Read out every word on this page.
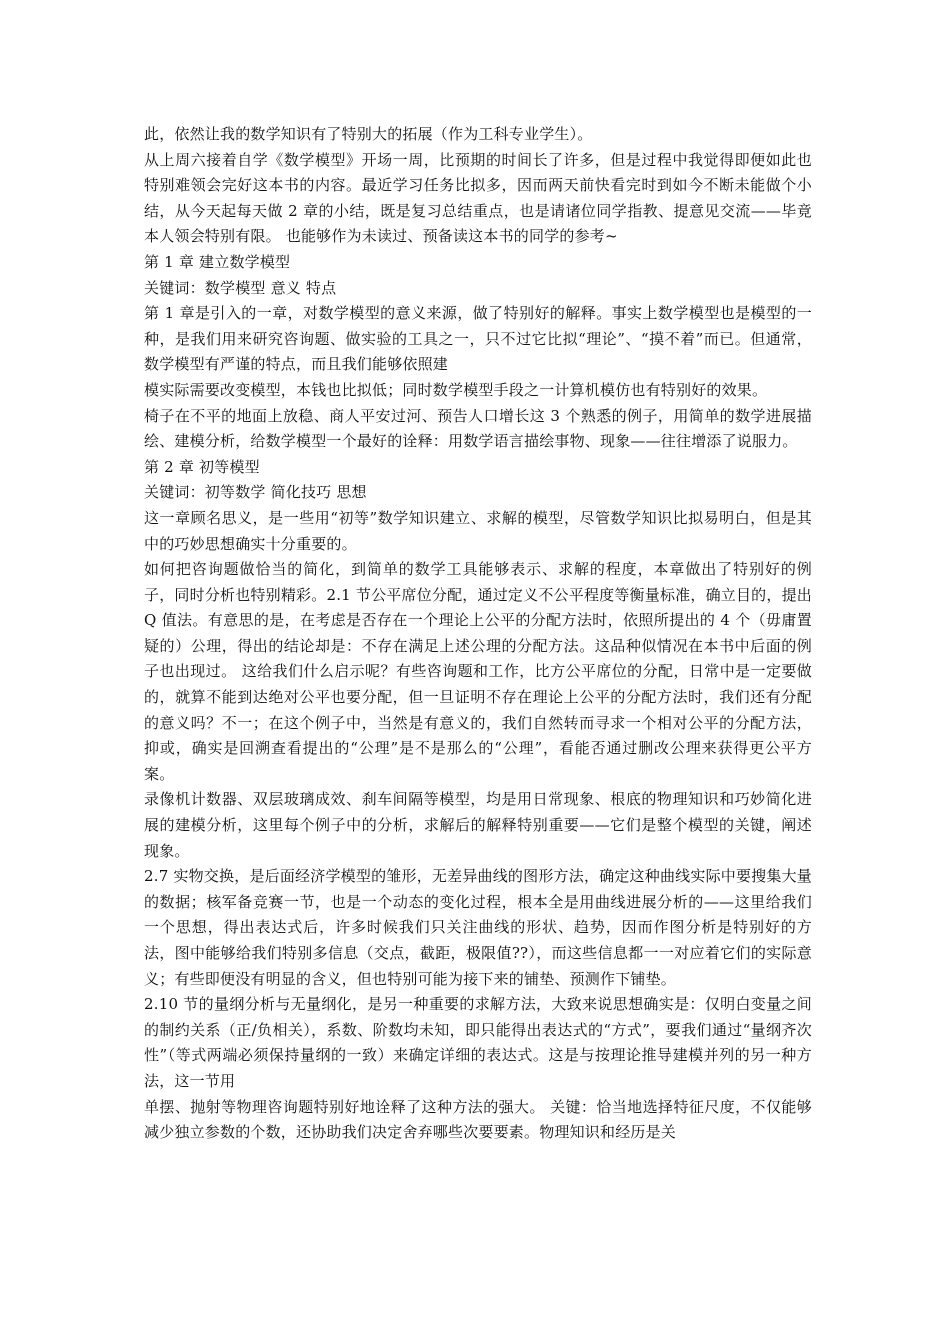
此，依然让我的数学知识有了特别大的拓展（作为工科专业学生）。

从上周六接着自学《数学模型》开场一周，比预期的时间长了许多，但是过程中我觉得即便如此也特别难领会完好这本书的内容。最近学习任务比拟多，因而两天前快看完时到如今不断未能做个小结，从今天起每天做 2 章的小结，既是复习总结重点，也是请诸位同学指教、提意见交流——毕竟本人领会特别有限。 也能够作为未读过、预备读这本书的同学的参考~

第 1 章 建立数学模型

关键词：数学模型 意义 特点

第 1 章是引入的一章，对数学模型的意义来源，做了特别好的解释。事实上数学模型也是模型的一种，是我们用来研究咨询题、做实验的工具之一，只不过它比拟“理论”、“摸不着”而已。但通常，数学模型有严谨的特点，而且我们能够依照建

模实际需要改变模型，本钱也比拟低；同时数学模型手段之一计算机模仿也有特别好的效果。

椅子在不平的地面上放稳、商人平安过河、预告人口增长这 3 个熟悉的例子，用简单的数学进展描绘、建模分析，给数学模型一个最好的诠释：用数学语言描绘事物、现象——往往增添了说服力。

第 2 章 初等模型

关键词：初等数学 简化技巧 思想

这一章顾名思义，是一些用“初等”数学知识建立、求解的模型，尽管数学知识比拟易明白，但是其中的巧妙思想确实十分重要的。

如何把咨询题做恰当的简化，到简单的数学工具能够表示、求解的程度，本章做出了特别好的例子，同时分析也特别精彩。2.1 节公平席位分配，通过定义不公平程度等衡量标准，确立目的，提出 Q 值法。有意思的是，在考虑是否存在一个理论上公平的分配方法时，依照所提出的 4 个（毋庸置疑的）公理，得出的结论却是：不存在满足上述公理的分配方法。这品种似情况在本书中后面的例子也出现过。 这给我们什么启示呢？有些咨询题和工作，比方公平席位的分配，日常中是一定要做的，就算不能到达绝对公平也要分配，但一旦证明不存在理论上公平的分配方法时，我们还有分配的意义吗？不一；在这个例子中，当然是有意义的，我们自然转而寻求一个相对公平的分配方法，抑或，确实是回溯查看提出的“公理”是不是那么的“公理”，看能否通过删改公理来获得更公平方案。

录像机计数器、双层玻璃成效、刹车间隔等模型，均是用日常现象、根底的物理知识和巧妙简化进展的建模分析，这里每个例子中的分析，求解后的解释特别重要——它们是整个模型的关键，阐述现象。

2.7 实物交换，是后面经济学模型的雏形，无差异曲线的图形方法，确定这种曲线实际中要搜集大量的数据；核军备竞赛一节，也是一个动态的变化过程，根本全是用曲线进展分析的——这里给我们一个思想，得出表达式后，许多时候我们只关注曲线的形状、趋势，因而作图分析是特别好的方法，图中能够给我们特别多信息（交点，截距，极限值??），而这些信息都一一对应着它们的实际意义；有些即便没有明显的含义，但也特别可能为接下来的铺垫、预测作下铺垫。

2.10 节的量纲分析与无量纲化，是另一种重要的求解方法，大致来说思想确实是：仅明白变量之间的制约关系（正/负相关），系数、阶数均未知，即只能得出表达式的“方式”，要我们通过“量纲齐次性”（等式两端必须保持量纲的一致）来确定详细的表达式。这是与按理论推导建模并列的另一种方法，这一节用

单摆、抛射等物理咨询题特别好地诠释了这种方法的强大。 关键：恰当地选择特征尺度，不仅能够减少独立参数的个数，还协助我们决定舍弃哪些次要要素。物理知识和经历是关
